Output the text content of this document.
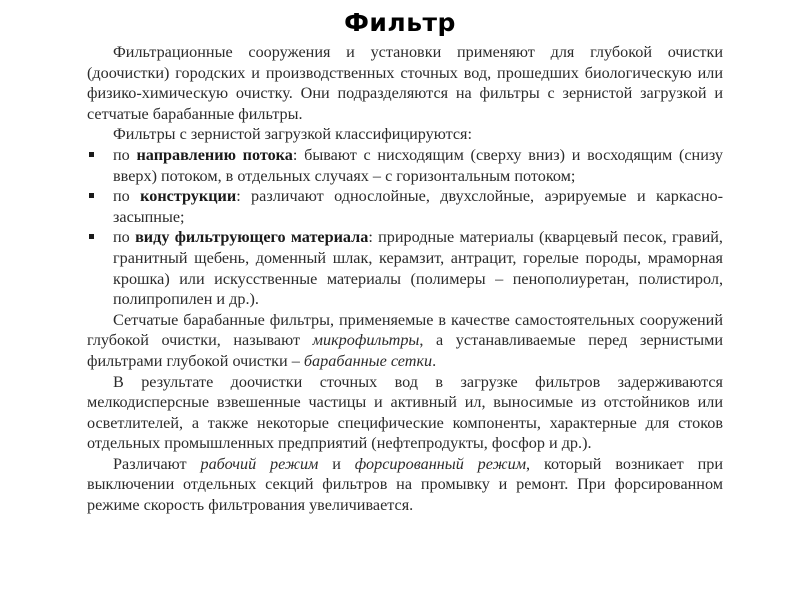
Фильтр

Фильтрационные сооружения и установки применяют для глубокой очистки (доочистки) городских и производственных сточных вод, прошедших биологическую или физико-химическую очистку. Они подразделяются на фильтры с зернистой загрузкой и сетчатые барабанные фильтры.

Фильтры с зернистой загрузкой классифицируются:

по направлению потока: бывают с нисходящим (сверху вниз) и восходящим (снизу вверх) потоком, в отдельных случаях – с горизонтальным потоком;
по конструкции: различают однослойные, двухслойные, аэрируемые и каркасно-засыпные;
по виду фильтрующего материала: природные материалы (кварцевый песок, гравий, гранитный щебень, доменный шлак, керамзит, антрацит, горелые породы, мраморная крошка) или искусственные материалы (полимеры – пенополиуретан, полистирол, полипропилен и др.).

Сетчатые барабанные фильтры, применяемые в качестве самостоятельных сооружений глубокой очистки, называют микрофильтры, а устанавливаемые перед зернистыми фильтрами глубокой очистки – барабанные сетки.

В результате доочистки сточных вод в загрузке фильтров задерживаются мелкодисперсные взвешенные частицы и активный ил, выносимые из отстойников или осветлителей, а также некоторые специфические компоненты, характерные для стоков отдельных промышленных предприятий (нефтепродукты, фосфор и др.).

Различают рабочий режим и форсированный режим, который возникает при выключении отдельных секций фильтров на промывку и ремонт. При форсированном режиме скорость фильтрования увеличивается.
